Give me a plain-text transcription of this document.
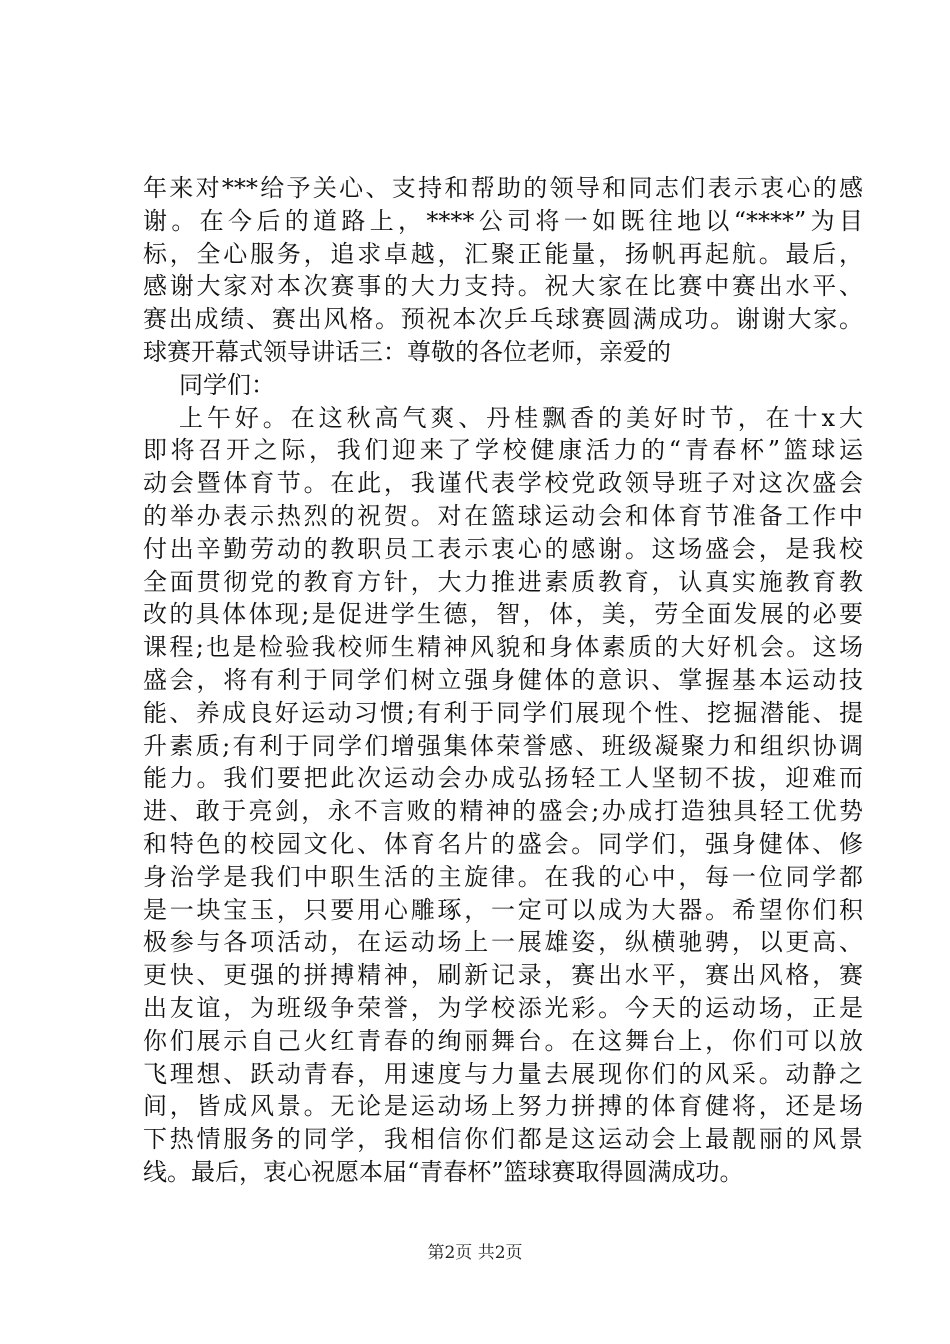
年来对***给予关心、支持和帮助的领导和同志们表示衷心的感
谢。在今后的道路上，****公司将一如既往地以“****”为目
标，全心服务，追求卓越，汇聚正能量，扬帆再起航。最后，
感谢大家对本次赛事的大力支持。祝大家在比赛中赛出水平、
赛出成绩、赛出风格。预祝本次乒乓球赛圆满成功。谢谢大家。
球赛开幕式领导讲话三：尊敬的各位老师，亲爱的
同学们：
上午好。在这秋高气爽、丹桂飘香的美好时节，在十x大
即将召开之际，我们迎来了学校健康活力的“青春杯”篮球运
动会暨体育节。在此，我谨代表学校党政领导班子对这次盛会
的举办表示热烈的祝贺。对在篮球运动会和体育节准备工作中
付出辛勤劳动的教职员工表示衷心的感谢。这场盛会，是我校
全面贯彻党的教育方针，大力推进素质教育，认真实施教育教
改的具体体现;是促进学生德，智，体，美，劳全面发展的必要
课程;也是检验我校师生精神风貌和身体素质的大好机会。这场
盛会，将有利于同学们树立强身健体的意识、掌握基本运动技
能、养成良好运动习惯;有利于同学们展现个性、挖掘潜能、提
升素质;有利于同学们增强集体荣誉感、班级凝聚力和组织协调
能力。我们要把此次运动会办成弘扬轻工人坚韧不拔，迎难而
进、敢于亮剑，永不言败的精神的盛会;办成打造独具轻工优势
和特色的校园文化、体育名片的盛会。同学们，强身健体、修
身治学是我们中职生活的主旋律。在我的心中，每一位同学都
是一块宝玉，只要用心雕琢，一定可以成为大器。希望你们积
极参与各项活动，在运动场上一展雄姿，纵横驰骋，以更高、
更快、更强的拼搏精神，刷新记录，赛出水平，赛出风格，赛
出友谊，为班级争荣誉，为学校添光彩。今天的运动场，正是
你们展示自己火红青春的绚丽舞台。在这舞台上，你们可以放
飞理想、跃动青春，用速度与力量去展现你们的风采。动静之
间，皆成风景。无论是运动场上努力拼搏的体育健将，还是场
下热情服务的同学，我相信你们都是这运动会上最靓丽的风景
线。最后，衷心祝愿本届“青春杯”篮球赛取得圆满成功。
第2页 共2页
